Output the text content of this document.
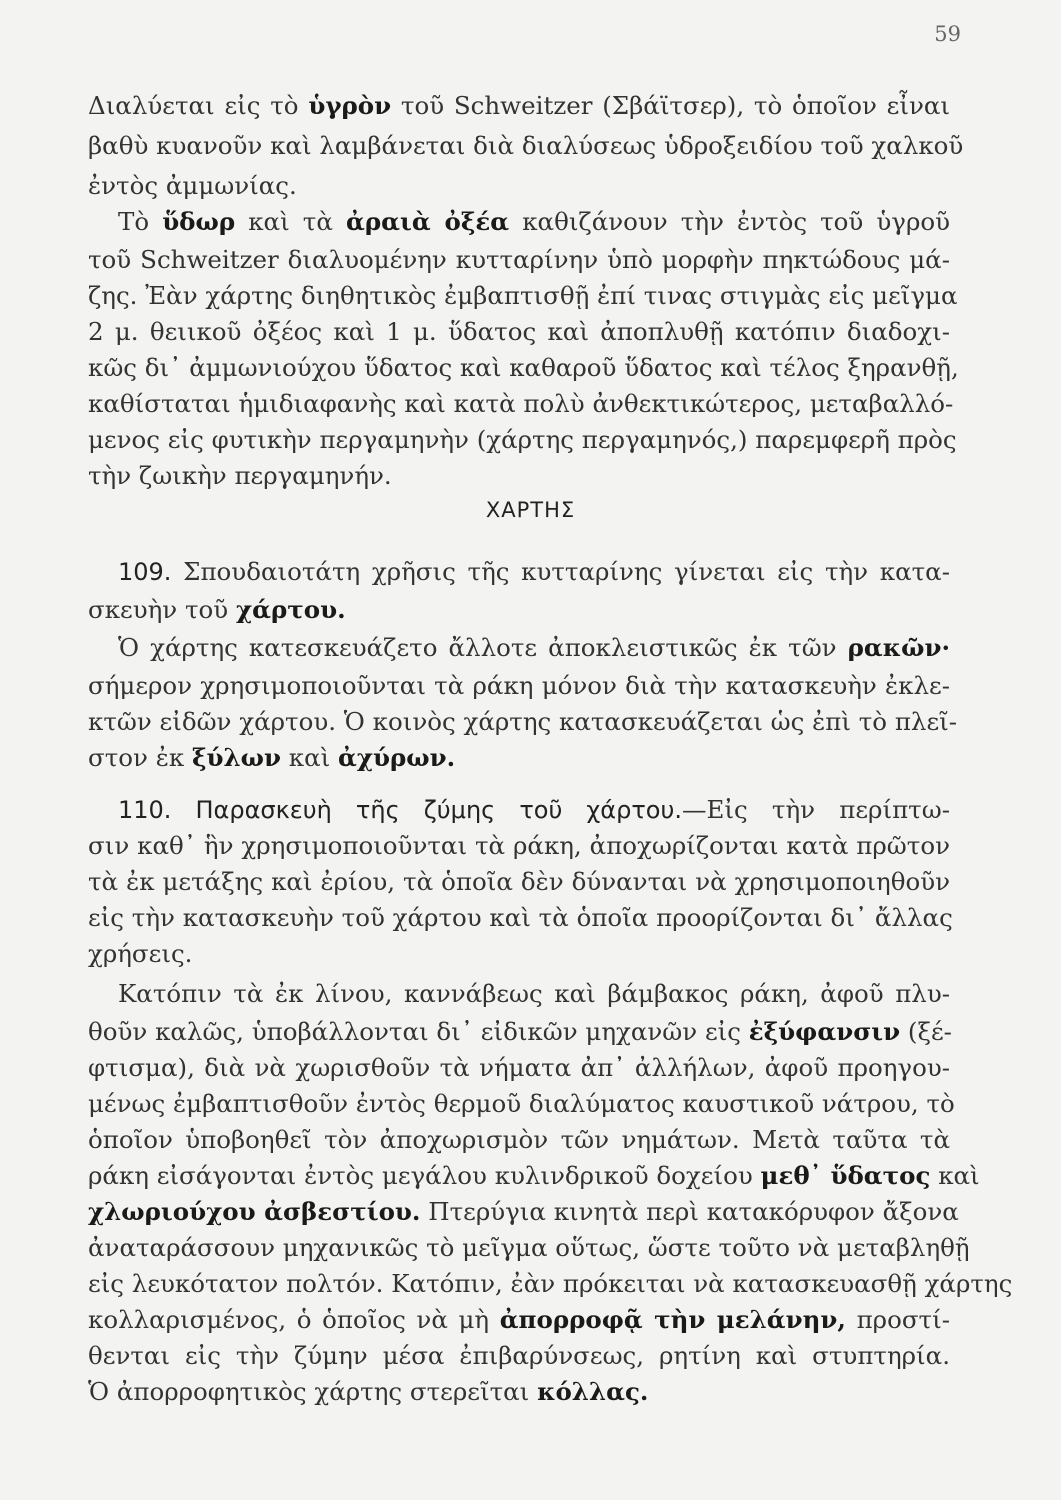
59
Διαλύεται εἰς τὸ ὑγρὸν τοῦ Schweitzer (Σβάϊτσερ), τὸ ὁποῖον εἶναι
βαθὺ κυανοῦν καὶ λαμβάνεται διὰ διαλύσεως ὑδροξειδίου τοῦ χαλκοῦ
ἐντὸς ἀμμωνίας.
Τὸ ὕδωρ καὶ τὰ ἀραιὰ ὀξέα καθιζάνουν τὴν ἐντὸς τοῦ ὑγροῦ
τοῦ Schweitzer διαλυομένην κυτταρίνην ὑπὸ μορφὴν πηκτώδους μά-
ζης. Ἐὰν χάρτης διηθητικὸς ἐμβαπτισθῇ ἐπί τινας στιγμὰς εἰς μεῖγμα
2 μ. θειικοῦ ὀξέος καὶ 1 μ. ὕδατος καὶ ἀποπλυθῇ κατόπιν διαδοχι-
κῶς δι᾿ ἀμμωνιούχου ὕδατος καὶ καθαροῦ ὕδατος καὶ τέλος ξηρανθῇ,
καθίσταται ἡμιδιαφανὴς καὶ κατὰ πολὺ ἀνθεκτικώτερος, μεταβαλλό-
μενος εἰς φυτικὴν περγαμηνὴν (χάρτης περγαμηνός,) παρεμφερῆ πρὸς
τὴν ζωικὴν περγαμηνήν.
ΧΑΡΤΗΣ
109. Σπουδαιοτάτη χρῆσις τῆς κυτταρίνης γίνεται εἰς τὴν κατα-
σκευὴν τοῦ χάρτου.
Ὁ χάρτης κατεσκευάζετο ἄλλοτε ἀποκλειστικῶς ἐκ τῶν ρακῶν·
σήμερον χρησιμοποιοῦνται τὰ ράκη μόνον διὰ τὴν κατασκευὴν ἐκλε-
κτῶν εἰδῶν χάρτου. Ὁ κοινὸς χάρτης κατασκευάζεται ὡς ἐπὶ τὸ πλεῖ-
στον ἐκ ξύλων καὶ ἀχύρων.
110. Παρασκευὴ τῆς ζύμης τοῦ χάρτου.—Εἰς τὴν περίπτω-
σιν καθ᾿ ἣν χρησιμοποιοῦνται τὰ ράκη, ἀποχωρίζονται κατὰ πρῶτον
τὰ ἐκ μετάξης καὶ ἐρίου, τὰ ὁποῖα δὲν δύνανται νὰ χρησιμοποιηθοῦν
εἰς τὴν κατασκευὴν τοῦ χάρτου καὶ τὰ ὁποῖα προορίζονται δι᾿ ἄλλας
χρήσεις.
Κατόπιν τὰ ἐκ λίνου, καννάβεως καὶ βάμβακος ράκη, ἀφοῦ πλυ-
θοῦν καλῶς, ὑποβάλλονται δι᾿ εἰδικῶν μηχανῶν εἰς ἐξύφανσιν (ξέ-
φτισμα), διὰ νὰ χωρισθοῦν τὰ νήματα ἀπ᾿ ἀλλήλων, ἀφοῦ προηγου-
μένως ἐμβαπτισθοῦν ἐντὸς θερμοῦ διαλύματος καυστικοῦ νάτρου, τὸ
ὁποῖον ὑποβοηθεῖ τὸν ἀποχωρισμὸν τῶν νημάτων. Μετὰ ταῦτα τὰ
ράκη εἰσάγονται ἐντὸς μεγάλου κυλινδρικοῦ δοχείου μεθ᾿ ὕδατος καὶ
χλωριούχου ἀσβεστίου. Πτερύγια κινητὰ περὶ κατακόρυφον ἄξονα
ἀναταράσσουν μηχανικῶς τὸ μεῖγμα οὕτως, ὥστε τοῦτο νὰ μεταβληθῇ
εἰς λευκότατον πολτόν. Κατόπιν, ἐὰν πρόκειται νὰ κατασκευασθῇ χάρτης
κολλαρισμένος, ὁ ὁποῖος νὰ μὴ ἀπορροφᾷ τὴν μελάνην, προστί-
θενται εἰς τὴν ζύμην μέσα ἐπιβαρύνσεως, ρητίνη καὶ στυπτηρία.
Ὁ ἀπορροφητικὸς χάρτης στερεῖται κόλλας.
